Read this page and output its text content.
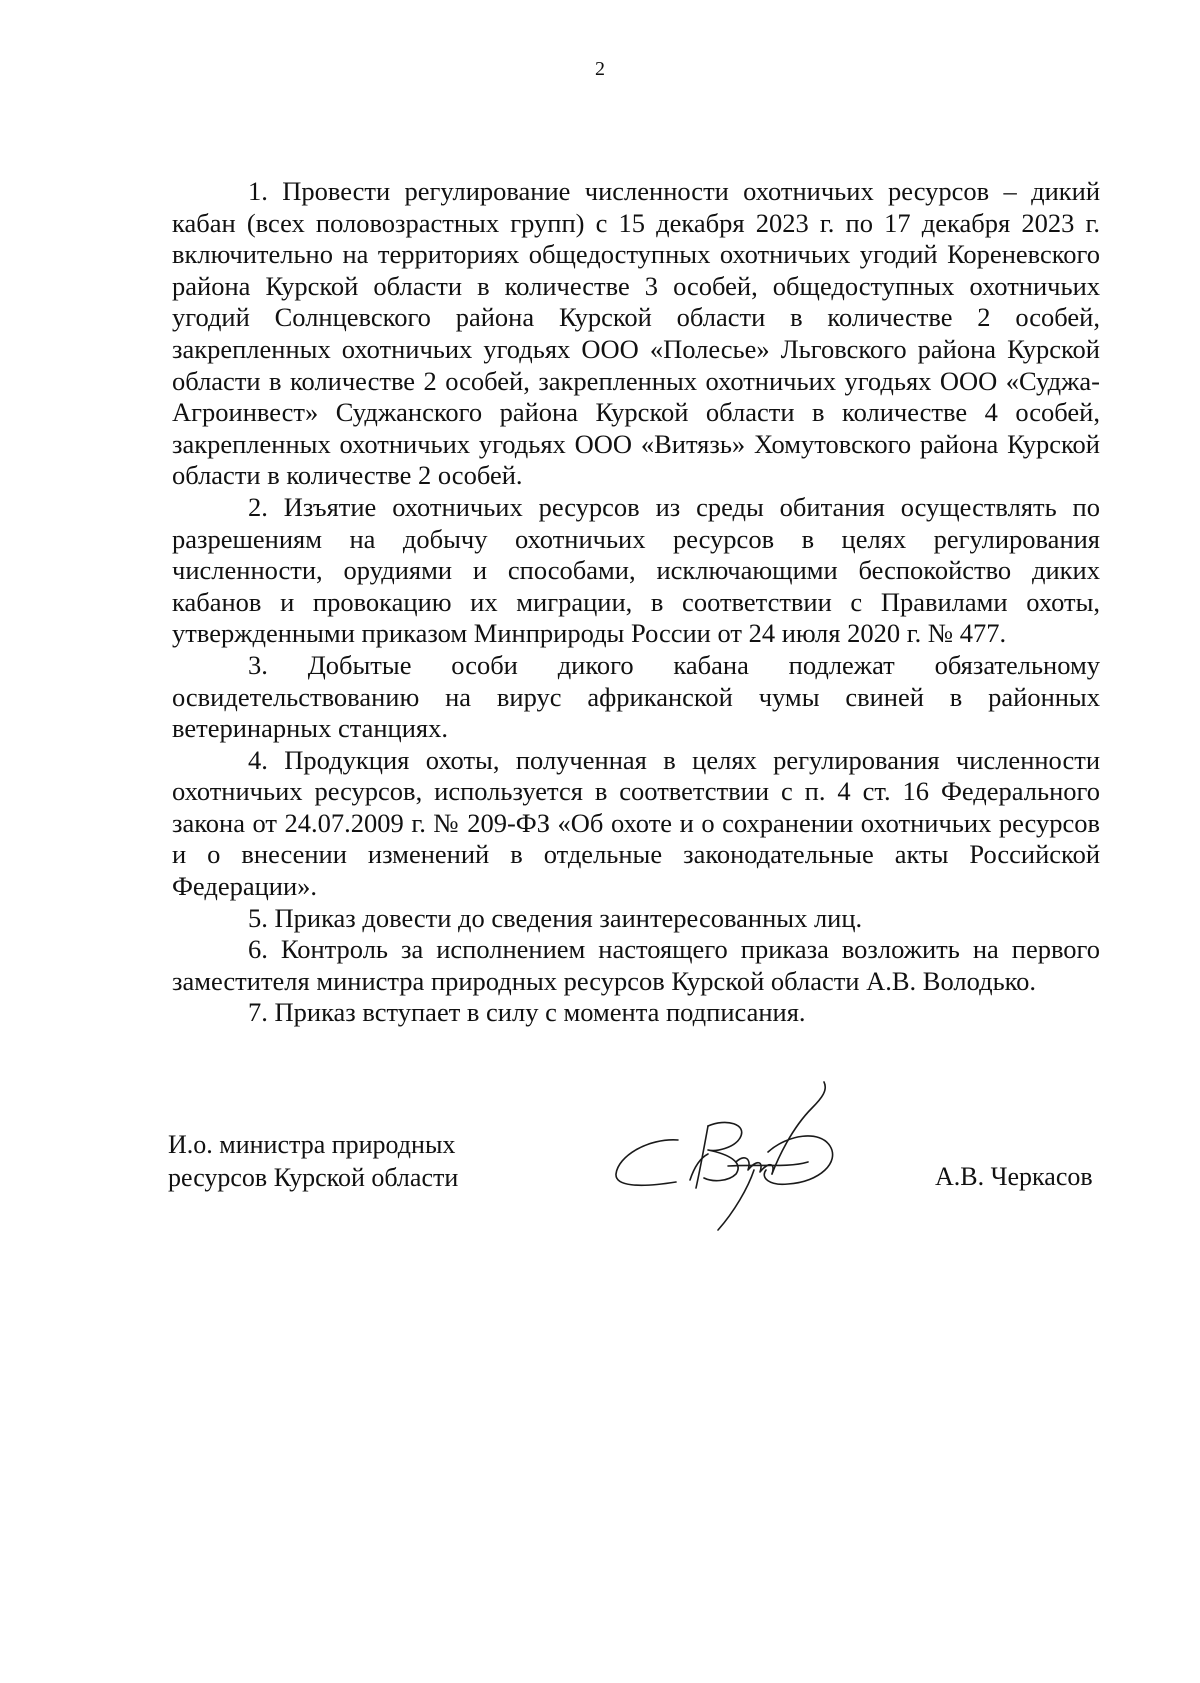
2

1. Провести регулирование численности охотничьих ресурсов – дикий кабан (всех половозрастных групп) с 15 декабря 2023 г. по 17 декабря 2023 г. включительно на территориях общедоступных охотничьих угодий Кореневского района Курской области в количестве 3 особей, общедоступных охотничьих угодий Солнцевского района Курской области в количестве 2 особей, закрепленных охотничьих угодьях ООО «Полесье» Льговского района Курской области в количестве 2 особей, закрепленных охотничьих угодьях ООО «Суджа-Агроинвест» Суджанского района Курской области в количестве 4 особей, закрепленных охотничьих угодьях ООО «Витязь» Хомутовского района Курской области в количестве 2 особей.

2. Изъятие охотничьих ресурсов из среды обитания осуществлять по разрешениям на добычу охотничьих ресурсов в целях регулирования численности, орудиями и способами, исключающими беспокойство диких кабанов и провокацию их миграции, в соответствии с Правилами охоты, утвержденными приказом Минприроды России от 24 июля 2020 г. № 477.

3. Добытые особи дикого кабана подлежат обязательному освидетельствованию на вирус африканской чумы свиней в районных ветеринарных станциях.

4. Продукция охоты, полученная в целях регулирования численности охотничьих ресурсов, используется в соответствии с п. 4 ст. 16 Федерального закона от 24.07.2009 г. № 209-ФЗ «Об охоте и о сохранении охотничьих ресурсов и о внесении изменений в отдельные законодательные акты Российской Федерации».

5. Приказ довести до сведения заинтересованных лиц.

6. Контроль за исполнением настоящего приказа возложить на первого заместителя министра природных ресурсов Курской области А.В. Володько.

7. Приказ вступает в силу с момента подписания.

И.о. министра природных
ресурсов Курской области	А.В. Черкасов
